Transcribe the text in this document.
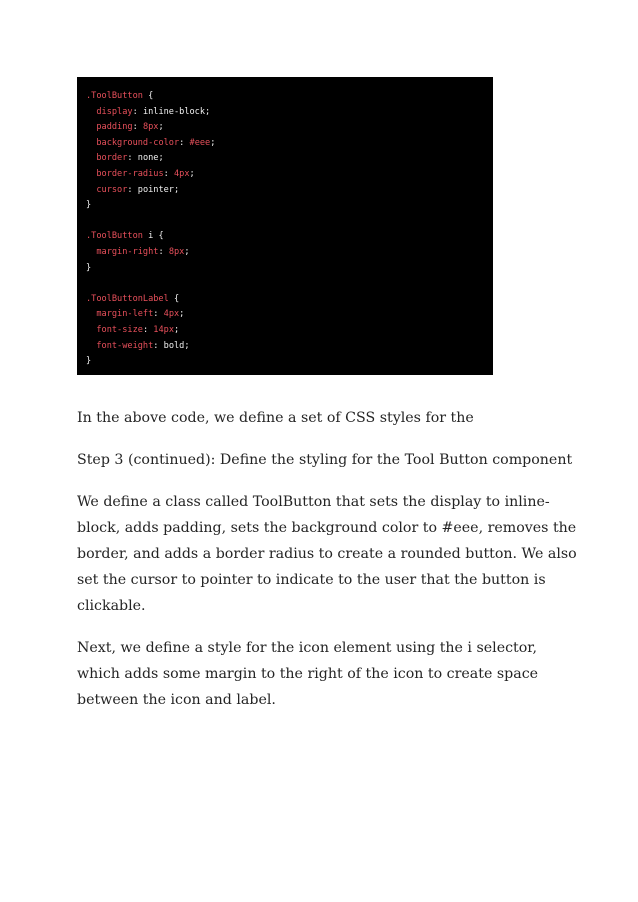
.ToolButton {
display: inline-block;
padding: 8px;
background-color: #eee;
border: none;
border-radius: 4px;
cursor: pointer;
}

.ToolButton i {
margin-right: 8px;
}

.ToolButtonLabel {
margin-left: 4px;
font-size: 14px;
font-weight: bold;
}

In the above code, we define a set of CSS styles for the

Step 3 (continued): Define the styling for the Tool Button component

We define a class called ToolButton that sets the display to inline-block, adds padding, sets the background color to #eee, removes the border, and adds a border radius to create a rounded button. We also set the cursor to pointer to indicate to the user that the button is clickable.

Next, we define a style for the icon element using the i selector, which adds some margin to the right of the icon to create space between the icon and label.
